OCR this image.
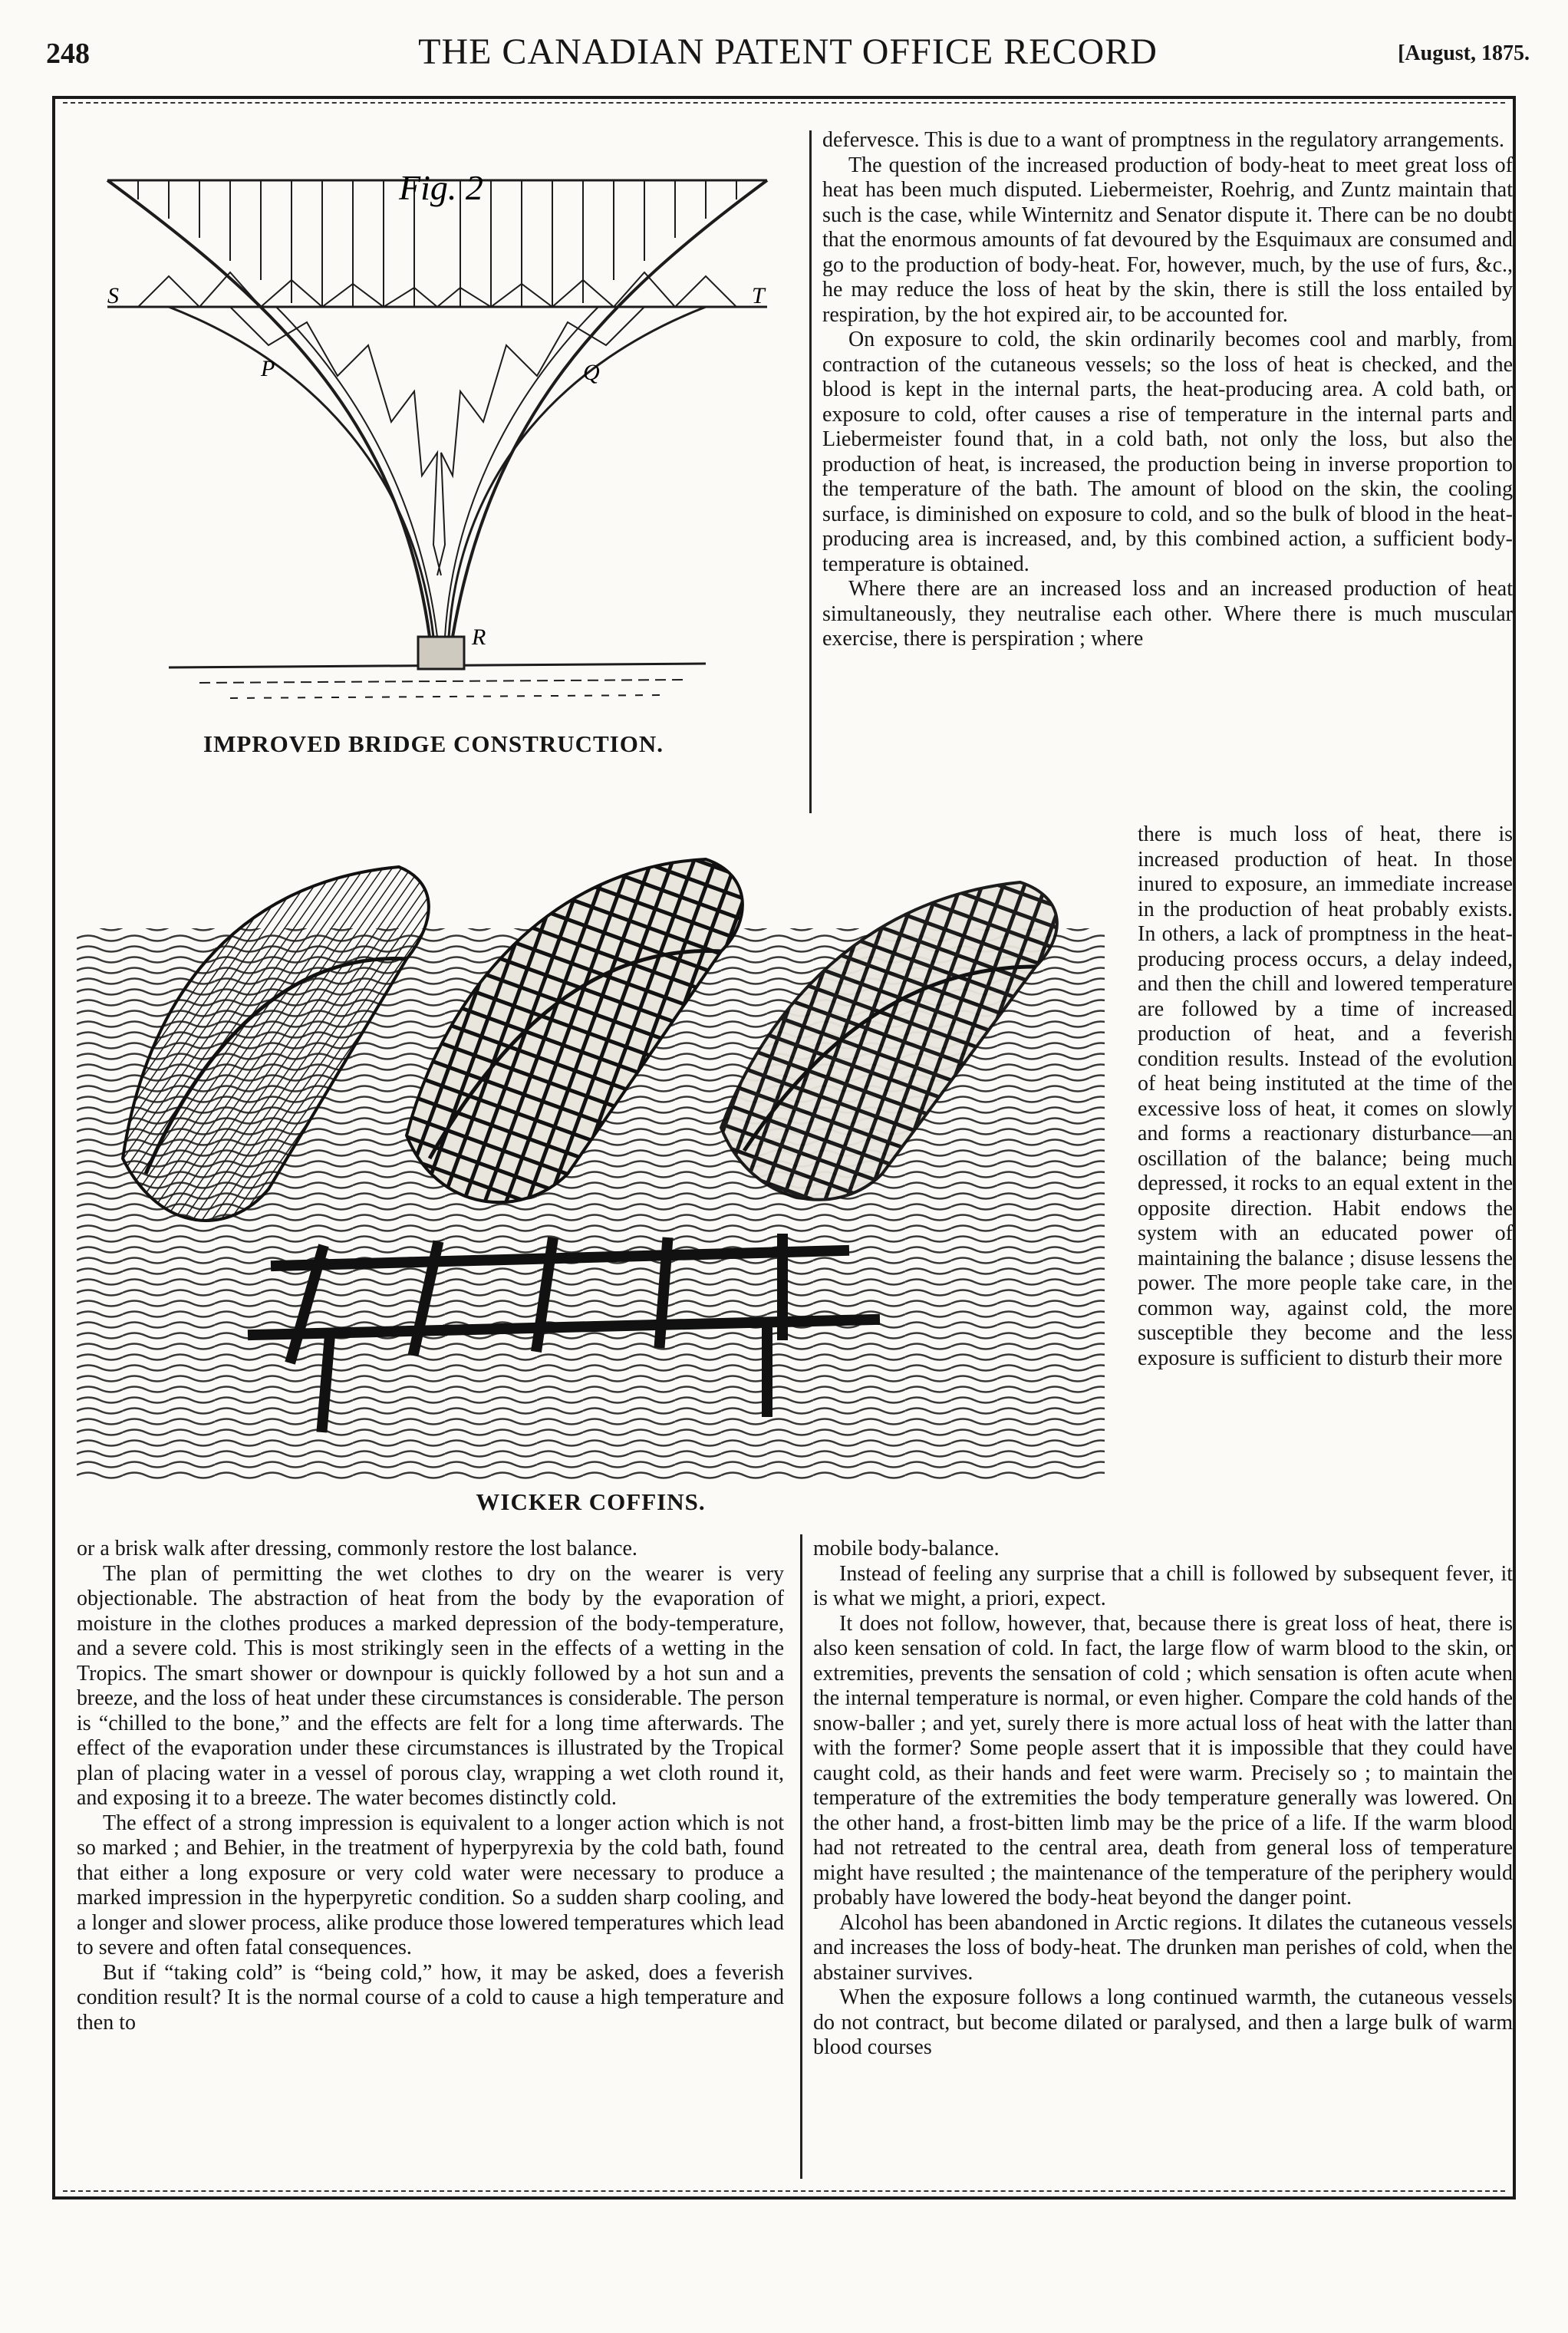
248	THE CANADIAN PATENT OFFICE RECORD	[August, 1875.
Fig. 2
S	T
P	Q
R
IMPROVED BRIDGE CONSTRUCTION.
WICKER COFFINS.

defervesce. This is due to a want of promptness in the regulatory arrangements.

The question of the increased production of body-heat to meet great loss of heat has been much disputed. Liebermeister, Roehrig, and Zuntz maintain that such is the case, while Winternitz and Senator dispute it. There can be no doubt that the enormous amounts of fat devoured by the Esquimaux are consumed and go to the production of body-heat. For, however, much, by the use of furs, &c., he may reduce the loss of heat by the skin, there is still the loss entailed by respiration, by the hot expired air, to be accounted for.

On exposure to cold, the skin ordinarily becomes cool and marbly, from contraction of the cutaneous vessels; so the loss of heat is checked, and the blood is kept in the internal parts, the heat-producing area. A cold bath, or exposure to cold, ofter causes a rise of temperature in the internal parts and Liebermeister found that, in a cold bath, not only the loss, but also the production of heat, is increased, the production being in inverse proportion to the temperature of the bath. The amount of blood on the skin, the cooling surface, is diminished on exposure to cold, and so the bulk of blood in the heat-producing area is increased, and, by this combined action, a sufficient body-temperature is obtained.

Where there are an increased loss and an increased production of heat simultaneously, they neutralise each other. Where there is much muscular exercise, there is perspiration ; where

there is much loss of heat, there is increased production of heat. In those inured to exposure, an immediate increase in the production of heat probably exists. In others, a lack of promptness in the heat-producing process occurs, a delay indeed, and then the chill and lowered temperature are followed by a time of increased production of heat, and a feverish condition results. Instead of the evolution of heat being instituted at the time of the excessive loss of heat, it comes on slowly and forms a reactionary disturbance—an oscillation of the balance; being much depressed, it rocks to an equal extent in the opposite direction. Habit endows the system with an educated power of maintaining the balance ; disuse lessens the power. The more people take care, in the common way, against cold, the more susceptible they become and the less exposure is sufficient to disturb their more

or a brisk walk after dressing, commonly restore the lost balance.

The plan of permitting the wet clothes to dry on the wearer is very objectionable. The abstraction of heat from the body by the evaporation of moisture in the clothes produces a marked depression of the body-temperature, and a severe cold. This is most strikingly seen in the effects of a wetting in the Tropics. The smart shower or downpour is quickly followed by a hot sun and a breeze, and the loss of heat under these circumstances is considerable. The person is “chilled to the bone,” and the effects are felt for a long time afterwards. The effect of the evaporation under these circumstances is illustrated by the Tropical plan of placing water in a vessel of porous clay, wrapping a wet cloth round it, and exposing it to a breeze. The water becomes distinctly cold.

The effect of a strong impression is equivalent to a longer action which is not so marked ; and Behier, in the treatment of hyperpyrexia by the cold bath, found that either a long exposure or very cold water were necessary to produce a marked impression in the hyperpyretic condition. So a sudden sharp cooling, and a longer and slower process, alike produce those lowered temperatures which lead to severe and often fatal consequences.

But if “taking cold” is “being cold,” how, it may be asked, does a feverish condition result? It is the normal course of a cold to cause a high temperature and then to

mobile body-balance.

Instead of feeling any surprise that a chill is followed by subsequent fever, it is what we might, a priori, expect.

It does not follow, however, that, because there is great loss of heat, there is also keen sensation of cold. In fact, the large flow of warm blood to the skin, or extremities, prevents the sensation of cold ; which sensation is often acute when the internal temperature is normal, or even higher. Compare the cold hands of the snow-baller ; and yet, surely there is more actual loss of heat with the latter than with the former? Some people assert that it is impossible that they could have caught cold, as their hands and feet were warm. Precisely so ; to maintain the temperature of the extremities the body temperature generally was lowered. On the other hand, a frost-bitten limb may be the price of a life. If the warm blood had not retreated to the central area, death from general loss of temperature might have resulted ; the maintenance of the temperature of the periphery would probably have lowered the body-heat beyond the danger point.

Alcohol has been abandoned in Arctic regions. It dilates the cutaneous vessels and increases the loss of body-heat. The drunken man perishes of cold, when the abstainer survives.

When the exposure follows a long continued warmth, the cutaneous vessels do not contract, but become dilated or paralysed, and then a large bulk of warm blood courses
